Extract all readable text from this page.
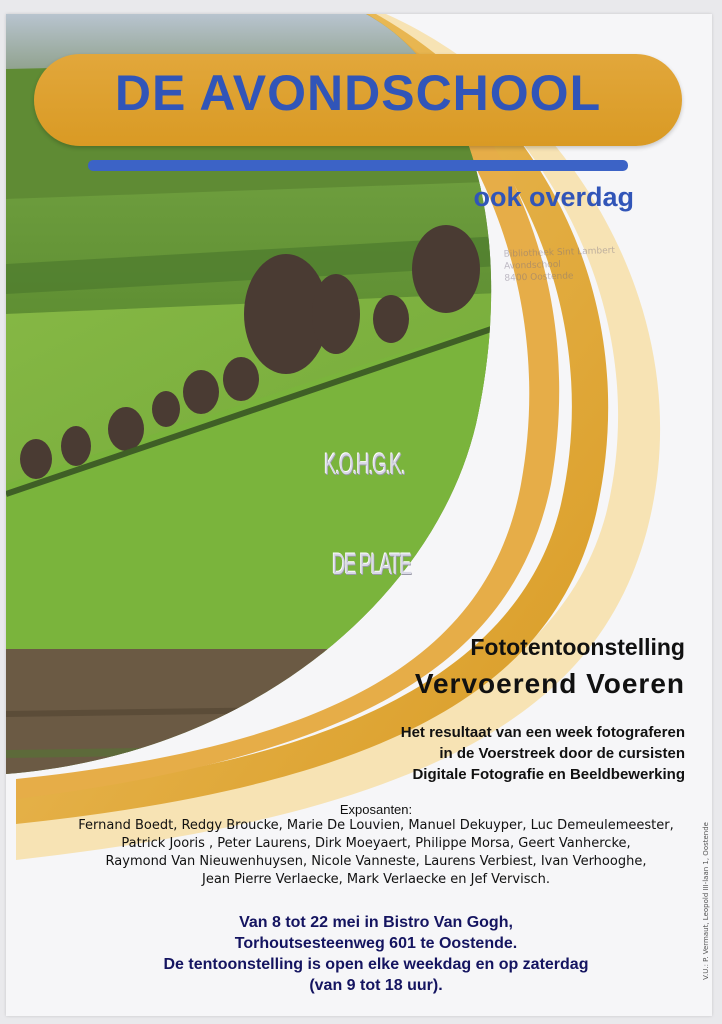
DE AVONDSCHOOL
ook overdag
Bibliotheek Sint Lambert
Avondschool
8400 Oostende
K.O.H.G.K.
DE PLATE
Fototentoonstelling
Vervoerend Voeren
Het resultaat van een week fotograferen
in de Voerstreek door de cursisten
Digitale Fotografie en Beeldbewerking
Exposanten:
Fernand Boedt, Redgy Broucke, Marie De Louvien, Manuel Dekuyper, Luc Demeulemeester,
Patrick Jooris , Peter Laurens, Dirk Moeyaert, Philippe Morsa, Geert Vanhercke,
Raymond Van Nieuwenhuysen, Nicole Vanneste, Laurens Verbiest, Ivan Verhooghe,
Jean Pierre Verlaecke, Mark Verlaecke en Jef Vervisch.
Van 8 tot 22 mei in Bistro Van Gogh,
Torhoutsesteenweg 601 te Oostende.
De tentoonstelling is open elke weekdag en op zaterdag
(van 9 tot 18 uur).
V.U.: P. Vermaut, Leopold III-laan 1, Oostende
